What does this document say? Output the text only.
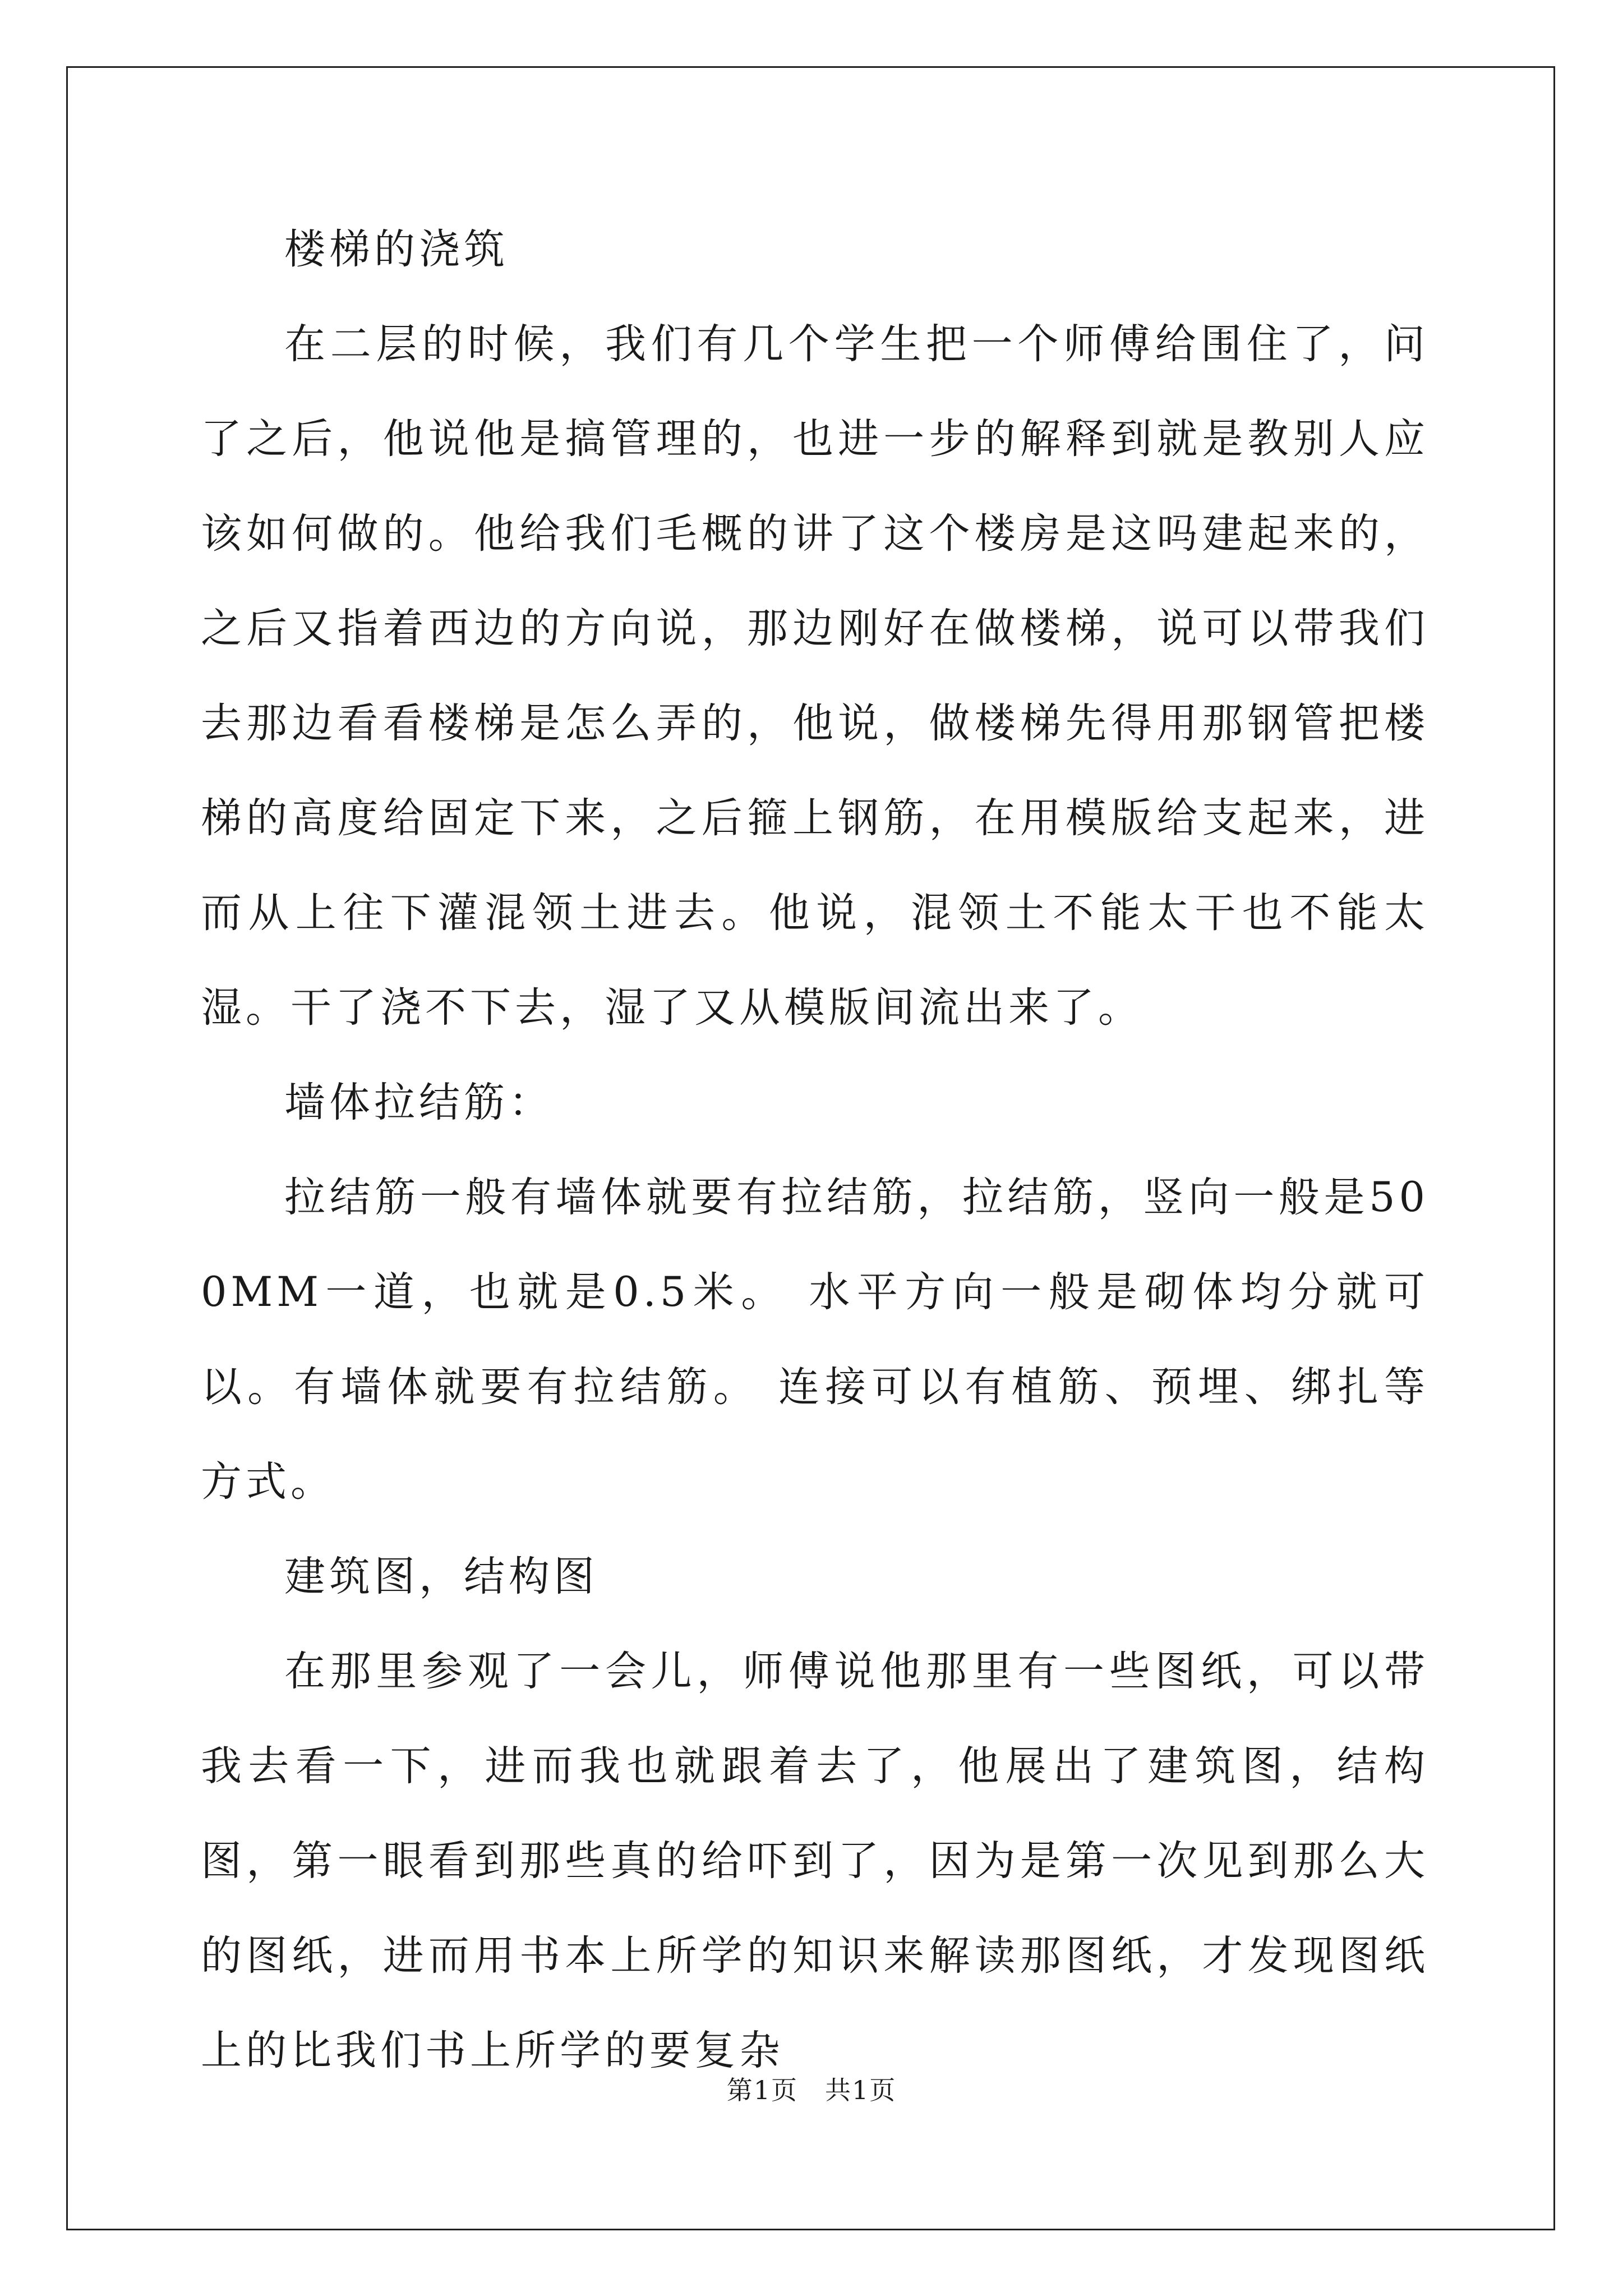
楼梯的浇筑

在二层的时候，我们有几个学生把一个师傅给围住了，问了之后，他说他是搞管理的，也进一步的解释到就是教别人应该如何做的。他给我们毛概的讲了这个楼房是这吗建起来的，之后又指着西边的方向说，那边刚好在做楼梯，说可以带我们去那边看看楼梯是怎么弄的，他说，做楼梯先得用那钢管把楼梯的高度给固定下来，之后箍上钢筋，在用模版给支起来，进而从上往下灌混领土进去。他说，混领土不能太干也不能太湿。干了浇不下去，湿了又从模版间流出来了。

墙体拉结筋：

拉结筋一般有墙体就要有拉结筋，拉结筋，竖向一般是500MM一道，也就是0.5米。 水平方向一般是砌体均分就可以。有墙体就要有拉结筋。 连接可以有植筋、预埋、绑扎等方式。

建筑图，结构图

在那里参观了一会儿，师傅说他那里有一些图纸，可以带我去看一下，进而我也就跟着去了，他展出了建筑图，结构图，第一眼看到那些真的给吓到了，因为是第一次见到那么大的图纸，进而用书本上所学的知识来解读那图纸，才发现图纸上的比我们书上所学的要复杂

第1页 共1页
